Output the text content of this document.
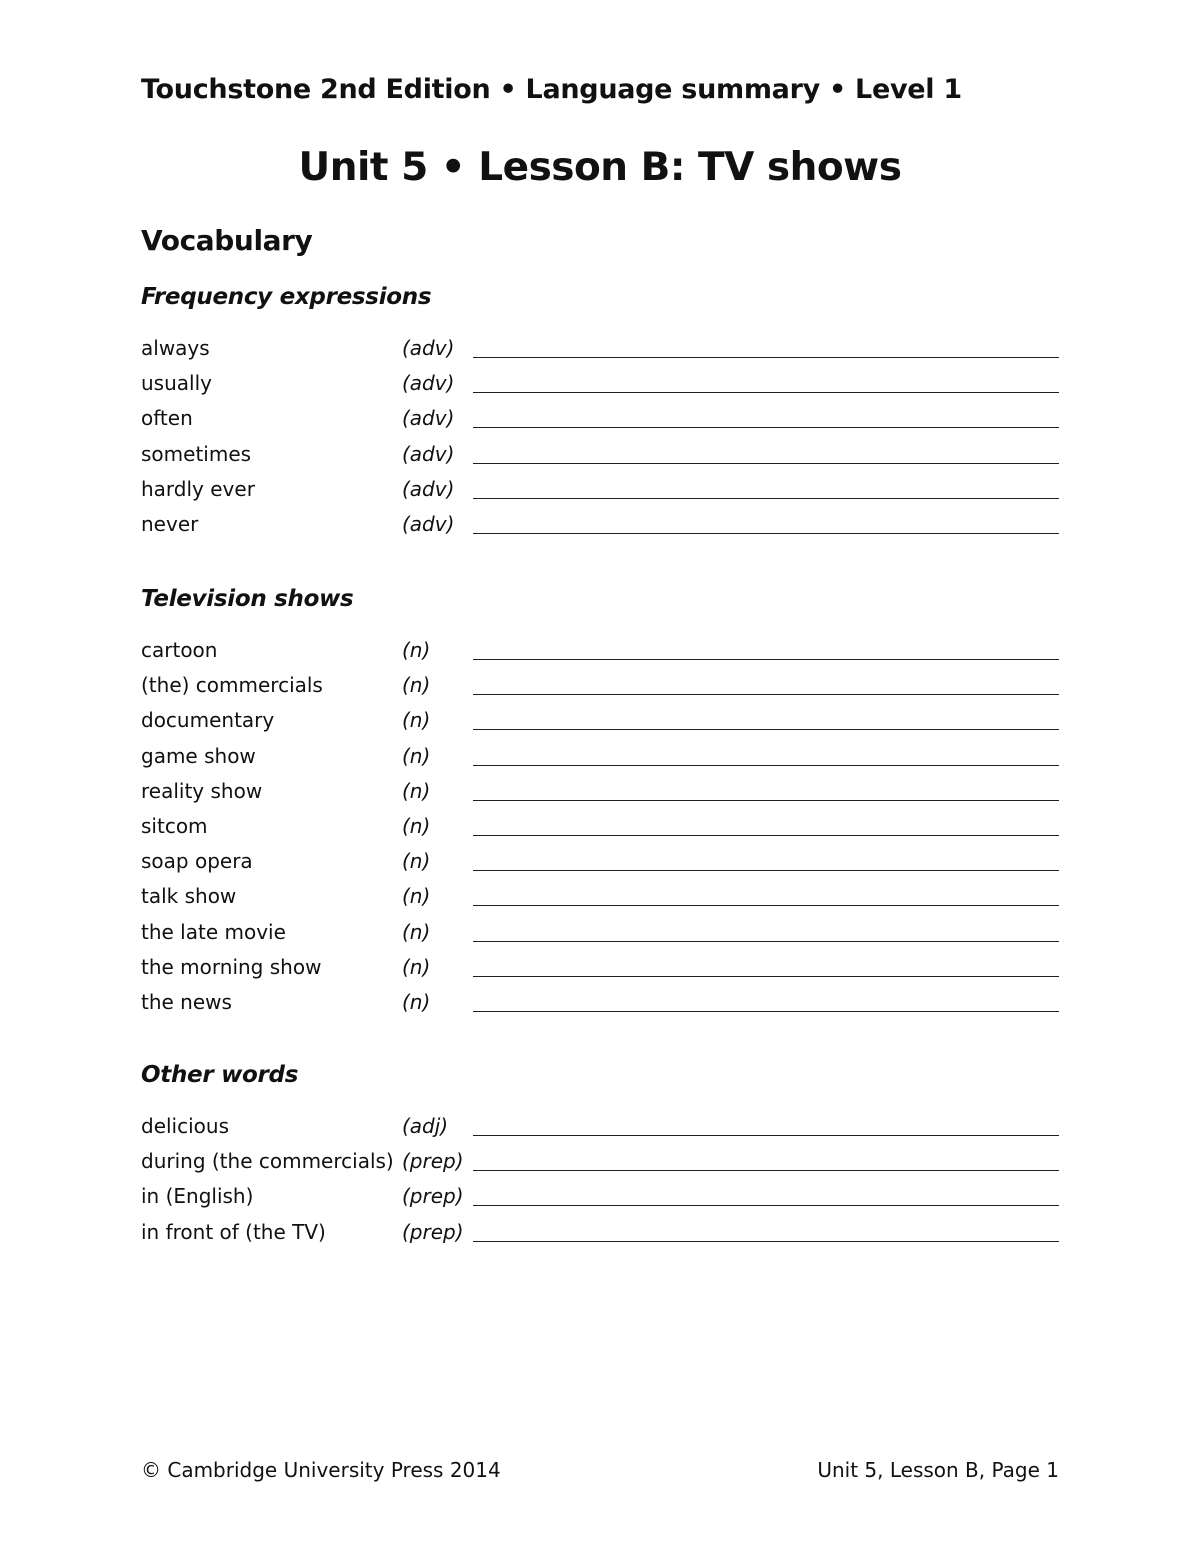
Touchstone 2nd Edition • Language summary • Level 1
Unit 5 • Lesson B: TV shows
Vocabulary
Frequency expressions
always	(adv)
usually	(adv)
often	(adv)
sometimes	(adv)
hardly ever	(adv)
never	(adv)
Television shows
cartoon	(n)
(the) commercials	(n)
documentary	(n)
game show	(n)
reality show	(n)
sitcom	(n)
soap opera	(n)
talk show	(n)
the late movie	(n)
the morning show	(n)
the news	(n)
Other words
delicious	(adj)
during (the commercials) (prep)
in (English)	(prep)
in front of (the TV)	(prep)
© Cambridge University Press 2014	Unit 5, Lesson B, Page 1
